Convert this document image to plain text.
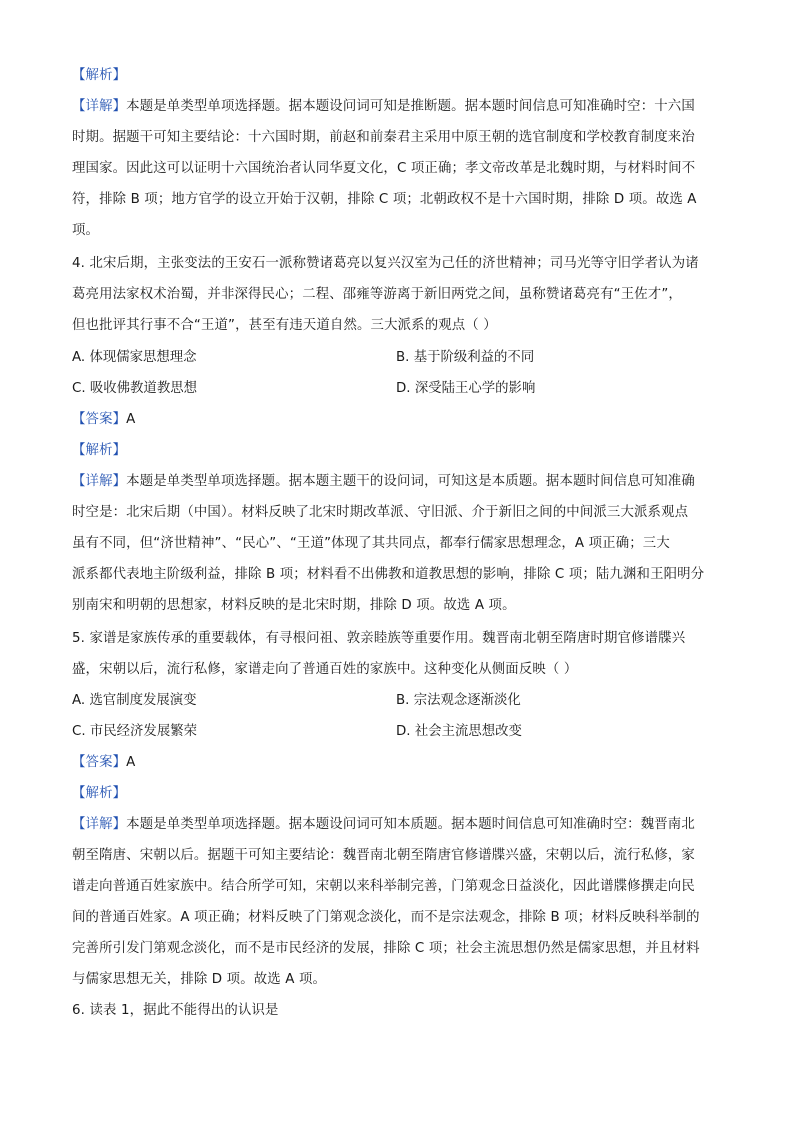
【解析】
【详解】本题是单类型单项选择题。据本题设问词可知是推断题。据本题时间信息可知准确时空：十六国
时期。据题干可知主要结论：十六国时期，前赵和前秦君主采用中原王朝的选官制度和学校教育制度来治
理国家。因此这可以证明十六国统治者认同华夏文化，C 项正确；孝文帝改革是北魏时期，与材料时间不
符，排除 B 项；地方官学的设立开始于汉朝，排除 C 项；北朝政权不是十六国时期，排除 D 项。故选 A
项。
4. 北宋后期，主张变法的王安石一派称赞诸葛亮以复兴汉室为己任的济世精神；司马光等守旧学者认为诸
葛亮用法家权术治蜀，并非深得民心；二程、邵雍等游离于新旧两党之间，虽称赞诸葛亮有“王佐才”，
但也批评其行事不合“王道”，甚至有违天道自然。三大派系的观点（ ）
A. 体现儒家思想理念	B. 基于阶级利益的不同
C. 吸收佛教道教思想	D. 深受陆王心学的影响
【答案】A
【解析】
【详解】本题是单类型单项选择题。据本题主题干的设问词，可知这是本质题。据本题时间信息可知准确
时空是：北宋后期（中国）。材料反映了北宋时期改革派、守旧派、介于新旧之间的中间派三大派系观点
虽有不同，但“济世精神”、“民心”、“王道”体现了其共同点，都奉行儒家思想理念，A 项正确；三大
派系都代表地主阶级利益，排除 B 项；材料看不出佛教和道教思想的影响，排除 C 项；陆九渊和王阳明分
别南宋和明朝的思想家，材料反映的是北宋时期，排除 D 项。故选 A 项。
5. 家谱是家族传承的重要载体，有寻根问祖、敦亲睦族等重要作用。魏晋南北朝至隋唐时期官修谱牒兴
盛，宋朝以后，流行私修，家谱走向了普通百姓的家族中。这种变化从侧面反映（ ）
A. 选官制度发展演变	B. 宗法观念逐渐淡化
C. 市民经济发展繁荣	D. 社会主流思想改变
【答案】A
【解析】
【详解】本题是单类型单项选择题。据本题设问词可知本质题。据本题时间信息可知准确时空：魏晋南北
朝至隋唐、宋朝以后。据题干可知主要结论：魏晋南北朝至隋唐官修谱牒兴盛，宋朝以后，流行私修，家
谱走向普通百姓家族中。结合所学可知，宋朝以来科举制完善，门第观念日益淡化，因此谱牒修撰走向民
间的普通百姓家。A 项正确；材料反映了门第观念淡化，而不是宗法观念，排除 B 项；材料反映科举制的
完善所引发门第观念淡化，而不是市民经济的发展，排除 C 项；社会主流思想仍然是儒家思想，并且材料
与儒家思想无关，排除 D 项。故选 A 项。
6. 读表 1，据此不能得出的认识是
